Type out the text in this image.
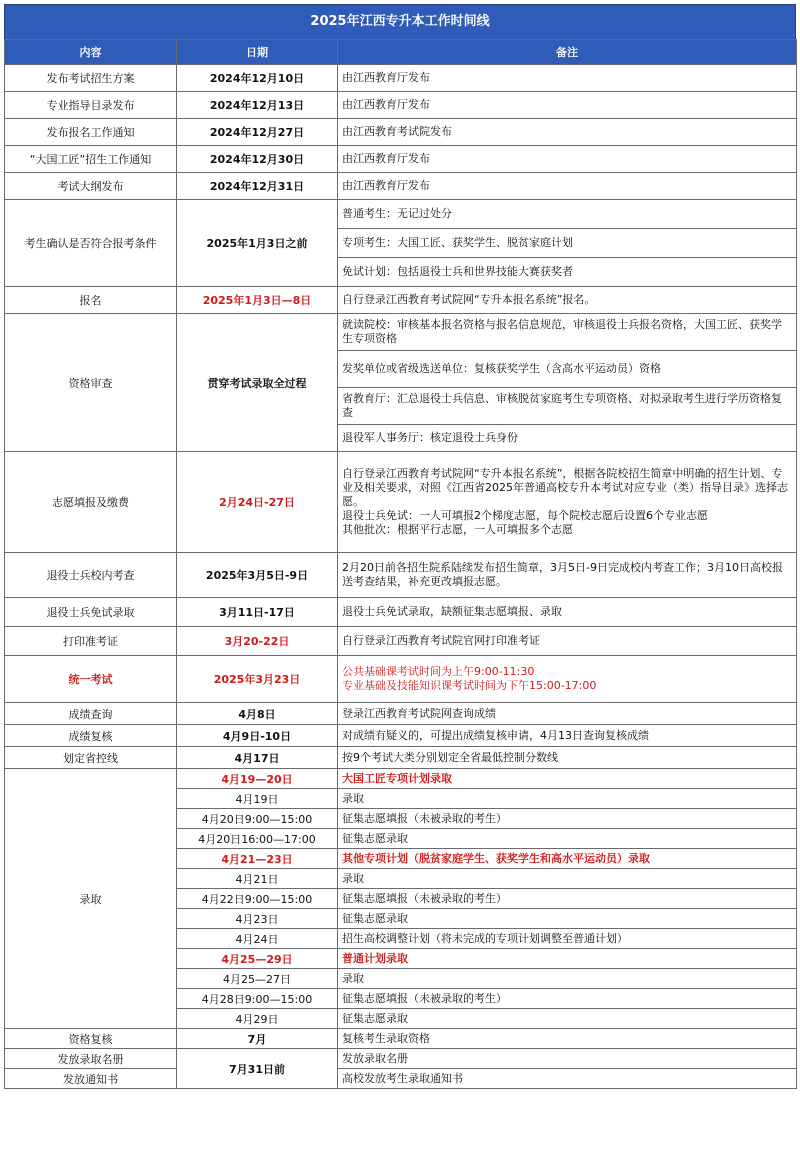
2025年江西专升本工作时间线
内容	日期	备注
发布考试招生方案	2024年12月10日	由江西教育厅发布
专业指导目录发布	2024年12月13日	由江西教育厅发布
发布报名工作通知	2024年12月27日	由江西教育考试院发布
“大国工匠”招生工作通知	2024年12月30日	由江西教育厅发布
考试大纲发布	2024年12月31日	由江西教育厅发布
考生确认是否符合报考条件	2025年1月3日之前	普通考生：无记过处分
		专项考生：大国工匠、获奖学生、脱贫家庭计划
		免试计划：包括退役士兵和世界技能大赛获奖者
报名	2025年1月3日—8日	自行登录江西教育考试院网“专升本报名系统”报名。
资格审查	贯穿考试录取全过程	就读院校：审核基本报名资格与报名信息规范，审核退役士兵报名资格，大国工匠、获奖学生专项资格
		发奖单位或省级选送单位：复核获奖学生（含高水平运动员）资格
		省教育厅：汇总退役士兵信息、审核脱贫家庭考生专项资格、对拟录取考生进行学历资格复查
		退役军人事务厅：核定退役士兵身份
志愿填报及缴费	2月24日-27日	自行登录江西教育考试院网“专升本报名系统”，根据各院校招生简章中明确的招生计划、专业及相关要求，对照《江西省2025年普通高校专升本考试对应专业（类）指导目录》选择志愿。
退役士兵免试：一人可填报2个梯度志愿，每个院校志愿后设置6个专业志愿
其他批次：根据平行志愿，一人可填报多个志愿

退役士兵校内考查	2025年3月5日-9日	2月20日前各招生院系陆续发布招生简章，3月5日-9日完成校内考查工作；3月10日高校报送考查结果，补充更改填报志愿。
退役士兵免试录取	3月11日-17日	退役士兵免试录取，缺额征集志愿填报、录取
打印准考证	3月20-22日	自行登录江西教育考试院官网打印准考证
统一考试	2025年3月23日	公共基础课考试时间为上午9:00-11:30
专业基础及技能知识课考试时间为下午15:00-17:00

成绩查询	4月8日	登录江西教育考试院网查询成绩
成绩复核	4月9日-10日	对成绩有疑义的，可提出成绩复核申请，4月13日查询复核成绩
划定省控线	4月17日	按9个考试大类分别划定全省最低控制分数线
录取	4月19—20日	大国工匠专项计划录取
	4月19日	录取
	4月20日9:00—15:00	征集志愿填报（未被录取的考生）
	4月20日16:00—17:00	征集志愿录取
	4月21—23日	其他专项计划（脱贫家庭学生、获奖学生和高水平运动员）录取
	4月21日	录取
	4月22日9:00—15:00	征集志愿填报（未被录取的考生）
	4月23日	征集志愿录取
	4月24日	招生高校调整计划（将未完成的专项计划调整至普通计划）
	4月25—29日	普通计划录取
	4月25—27日	录取
	4月28日9:00—15:00	征集志愿填报（未被录取的考生）
	4月29日	征集志愿录取
资格复核	7月	复核考生录取资格
发放录取名册	7月31日前	发放录取名册
发放通知书		高校发放考生录取通知书
